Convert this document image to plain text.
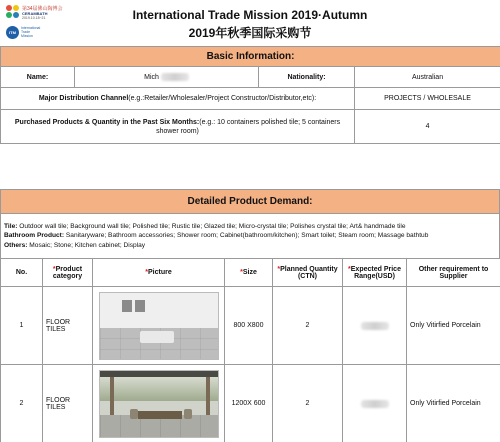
第34届佛山陶博会
CERAMBATH
2019.10.18~21
ITM
International
Trade
Mission
International Trade Mission 2019·Autumn
2019年秋季国际采购节
Basic Information:			
Name:	Mich	Nationality:	Australian
Major Distribution Channel(e.g.:Retailer/Wholesaler/Project Constructor/Distributor,etc):			PROJECTS / WHOLESALE
Purchased Products & Quantity in the Past Six Months:(e.g.: 10 containers polished tile; 5 containers shower room)			4
Detailed Product Demand:

Tile: Outdoor wall tile; Background wall tile; Polished tile; Rustic tile; Glazed tile; Micro-crystal tile; Polishes crystal tile; Art& handmade tile
Bathroom Product: Sanitaryware; Bathroom accessories; Shower room; Cabinet(bathroom/kitchen); Smart toilet; Steam room; Massage bathtub
Others: Mosaic; Stone; Kitchen cabinet; Display
No.	*Product category	*Picture	*Size	*Planned Quantity (CTN)	*Expected Price Range(USD)	Other requirement to Supplier
1	FLOOR TILES		800 X800	2		Only Vitirfied Porcelain
2	FLOOR TILES		1200X 600	2		Only Vitirfied Porcelain
